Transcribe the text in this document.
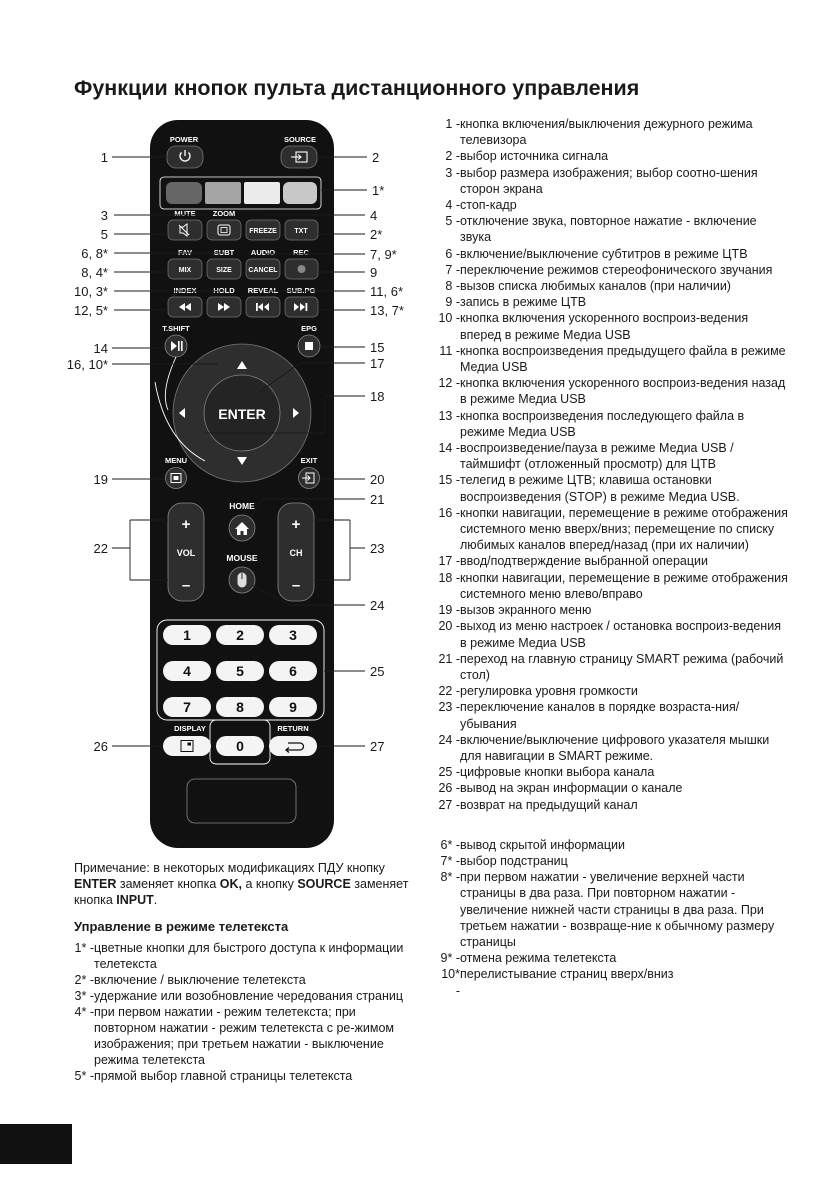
Функции кнопок пульта дистанционного управления
POWER	SOURCE
MUTE ZOOM
FREEZE	TXT
FAV	SUBT AUDIO REC
MIX	SIZE CANCEL
INDEX HOLD REVEAL SUB.PG
T.SHIFT	EPG
ENTER
MENU	EXIT
HOME
MOUSE
+
VOL
–
+
CH
–
1	2	3
4	5	6
7	8	9
0
DISPLAY	RETURN
1
3
5
6, 8*
8, 4*
10, 3*
12, 5*
14
16, 10*
19
22
26
2
1*
4
2*
7, 9*
9
11, 6*
13, 7*
15
17
18
20
21
23
24
25
27
1 - кнопка включения/выключения дежурного режима телевизора
2 - выбор источника сигнала
3 - выбор размера изображения; выбор соотно-шения сторон экрана
4 - стоп-кадр
5 - отключение звука, повторное нажатие - включение звука
6 - включение/выключение субтитров в режиме ЦТВ
7 - переключение режимов стереофонического звучания
8 - вызов списка любимых каналов (при наличии)
9 - запись в режиме ЦТВ
10 - кнопка включения ускоренного воспроиз-ведения вперед в режиме Медиа USB
11 - кнопка воспроизведения предыдущего файла в режиме Медиа USB
12 - кнопка включения ускоренного воспроиз-ведения назад в режиме Медиа USB
13 - кнопка воспроизведения последующего файла в режиме Медиа USB
14 - воспроизведение/пауза в режиме Медиа USB / таймшифт (отложенный просмотр) для ЦТВ
15 - телегид в режиме ЦТВ; клавиша остановки воспроизведения (STOP) в режиме Медиа USB.
16 - кнопки навигации, перемещение в режиме отображения системного меню вверх/вниз; перемещение по списку любимых каналов вперед/назад (при их наличии)
17 - ввод/подтверждение выбранной операции
18 - кнопки навигации, перемещение в режиме отображения системного меню влево/вправо
19 - вызов экранного меню
20 - выход из меню настроек / остановка воспроиз-ведения в режиме Медиа USB
21 - переход на главную страницу SMART режима (рабочий стол)
22 - регулировка уровня громкости
23 - переключение каналов в порядке возраста-ния/убывания
24 - включение/выключение цифрового указателя мышки для навигации в SMART режиме.
25 - цифровые кнопки выбора канала
26 - вывод на экран информации о канале
27 - возврат на предыдущий канал
6* - вывод скрытой информации
7* - выбор подстраниц
8* - при первом нажатии - увеличение верхней части страницы в два раза. При повторном нажатии - увеличение нижней части страницы в два раза. При третьем нажатии - возвраще-ние к обычному размеру страницы
9* - отмена режима телетекста
10* -
перелистывание страниц вверх/вниз
Примечание: в некоторых модификациях ПДУ кнопку ENTER заменяет кнопка OK, а кнопку SOURCE заменяет кнопка INPUT.
Управление в режиме телетекста
1* - цветные кнопки для быстрого доступа к информации телетекста
2* - включение / выключение телетекста
3* - удержание или возобновление чередования страниц
4* - при первом нажатии - режим телетекста; при повторном нажатии - режим телетекста с ре-жимом изображения; при третьем нажатии - выключение режима телетекста
5* - прямой выбор главной страницы телетекста
